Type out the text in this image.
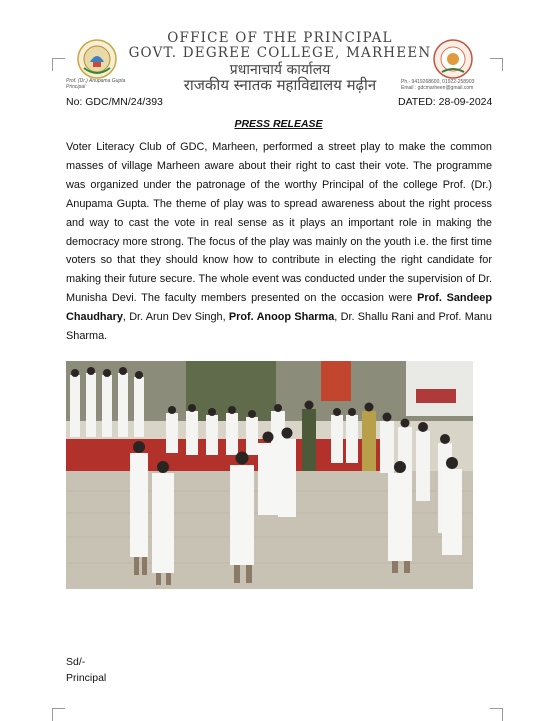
OFFICE OF THE PRINCIPAL
GOVT. DEGREE COLLEGE, MARHEEN
प्रधानाचार्य कार्यालय
राजकीय स्नातक महाविद्यालय मढ़ीन
Prof. (Dr.) Anupama Gupta
Principal
Ph.- 9419268600, 01922-258903
Email : gdcmarheen@gmail.com
No: GDC/MN/24/393	DATED: 28-09-2024
PRESS RELEASE
Voter Literacy Club of GDC, Marheen, performed a street play to make the common masses of village Marheen aware about their right to cast their vote. The programme was organized under the patronage of the worthy Principal of the college Prof. (Dr.) Anupama Gupta. The theme of play was to spread awareness about the right process and way to cast the vote in real sense as it plays an important role in making the democracy more strong. The focus of the play was mainly on the youth i.e. the first time voters so that they should know how to contribute in electing the right candidate for making their future secure. The whole event was conducted under the supervision of Dr. Munisha Devi. The faculty members presented on the occasion were Prof. Sandeep Chaudhary, Dr. Arun Dev Singh, Prof. Anoop Sharma, Dr. Shallu Rani and Prof. Manu Sharma.
Sd/-
Principal
